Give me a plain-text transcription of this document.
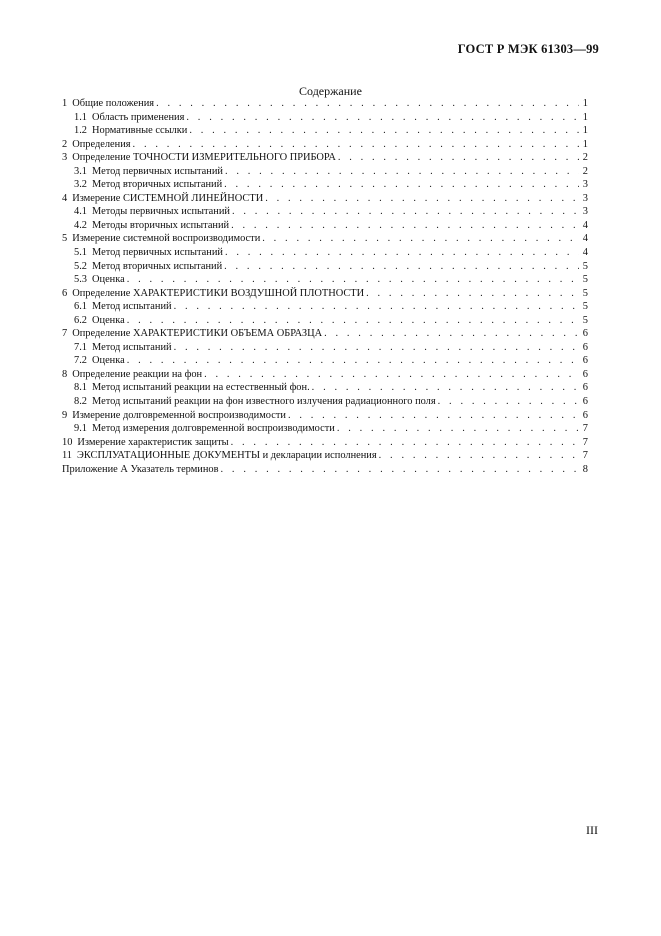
ГОСТ Р МЭК 61303—99
Содержание
1 Общие положения . . .	1
1.1 Область применения . . .	1
1.2 Нормативные ссылки . . .	1
2 Определения . . .	1
3 Определение ТОЧНОСТИ ИЗМЕРИТЕЛЬНОГО ПРИБОРА . . .	2
3.1 Метод первичных испытаний . . .	2
3.2 Метод вторичных испытаний . . .	3
4 Измерение СИСТЕМНОЙ ЛИНЕЙНОСТИ . . .	3
4.1 Методы первичных испытаний . . .	3
4.2 Методы вторичных испытаний . . .	4
5 Измерение системной воспроизводимости . . .	4
5.1 Метод первичных испытаний . . .	4
5.2 Метод вторичных испытаний . . .	5
5.3 Оценка . . .	5
6 Определение ХАРАКТЕРИСТИКИ ВОЗДУШНОЙ ПЛОТНОСТИ . . .	5
6.1 Метод испытаний . . .	5
6.2 Оценка . . .	5
7 Определение ХАРАКТЕРИСТИКИ ОБЪЕМА ОБРАЗЦА . . .	6
7.1 Метод испытаний . . .	6
7.2 Оценка . . .	6
8 Определение реакции на фон . . .	6
8.1 Метод испытаний реакции на естественный фон. . . .	6
8.2 Метод испытаний реакции на фон известного излучения радиационного поля . . .	6
9 Измерение долговременной воспроизводимости . . .	6
9.1 Метод измерения долговременной воспроизводимости . . .	7
10 Измерение характеристик защиты . . .	7
11 ЭКСПЛУАТАЦИОННЫЕ ДОКУМЕНТЫ и декларации исполнения . . .	7
Приложение А Указатель терминов . . .	8
III
